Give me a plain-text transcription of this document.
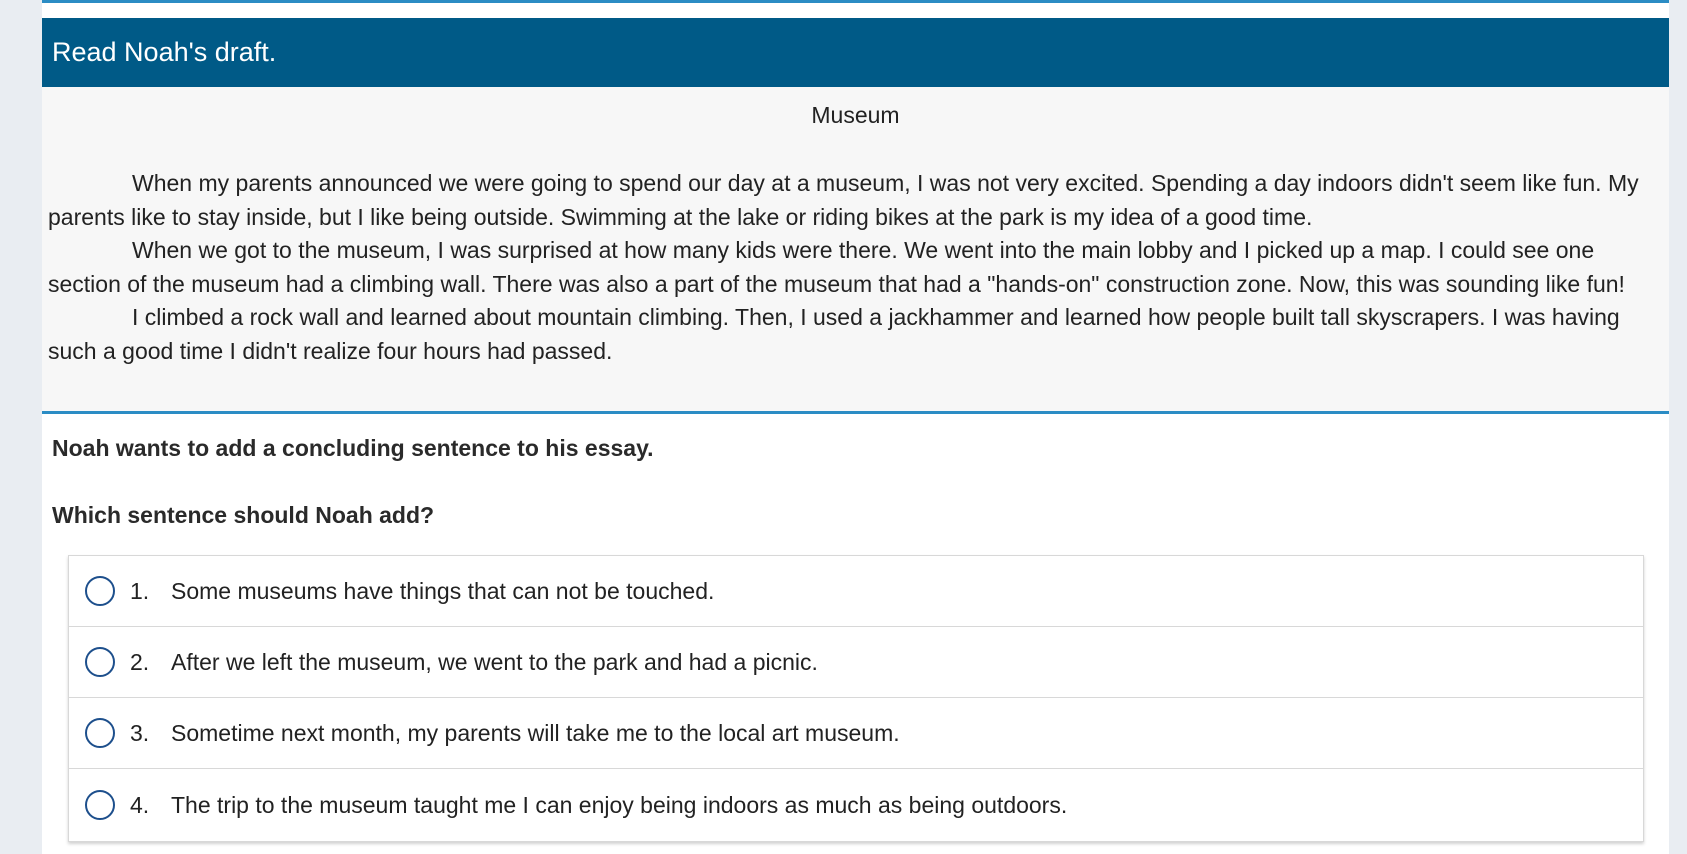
Read Noah's draft.
Museum

When my parents announced we were going to spend our day at a museum, I was not very excited. Spending a day indoors didn't seem like fun. My parents like to stay inside, but I like being outside. Swimming at the lake or riding bikes at the park is my idea of a good time.

When we got to the museum, I was surprised at how many kids were there. We went into the main lobby and I picked up a map. I could see one section of the museum had a climbing wall. There was also a part of the museum that had a "hands-on" construction zone. Now, this was sounding like fun!

I climbed a rock wall and learned about mountain climbing. Then, I used a jackhammer and learned how people built tall skyscrapers. I was having such a good time I didn't realize four hours had passed.

Noah wants to add a concluding sentence to his essay.
Which sentence should Noah add?
1. Some museums have things that can not be touched.
2. After we left the museum, we went to the park and had a picnic.
3. Sometime next month, my parents will take me to the local art museum.
4. The trip to the museum taught me I can enjoy being indoors as much as being outdoors.
